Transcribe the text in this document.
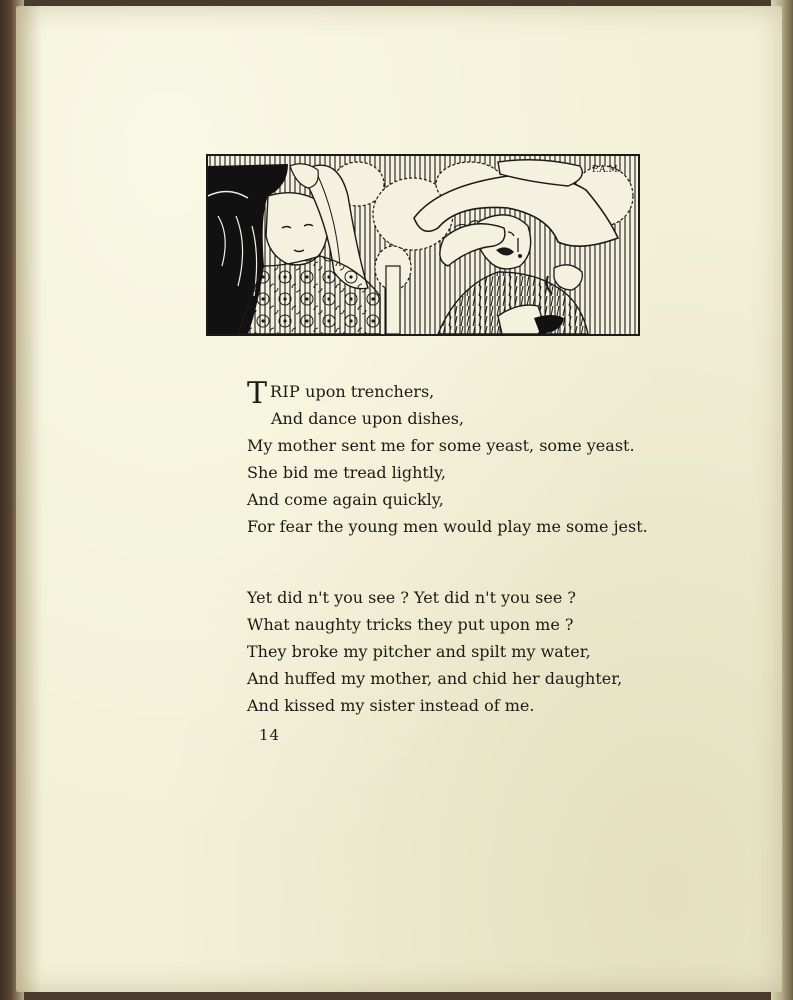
P.A.M.
TRIP upon trenchers,
And dance upon dishes,
My mother sent me for some yeast, some yeast.
She bid me tread lightly,
And come again quickly,
For fear the young men would play me some jest.
Yet did n't you see ? Yet did n't you see ?
What naughty tricks they put upon me ?
They broke my pitcher and spilt my water,
And huffed my mother, and chid her daughter,
And kissed my sister instead of me.
14
